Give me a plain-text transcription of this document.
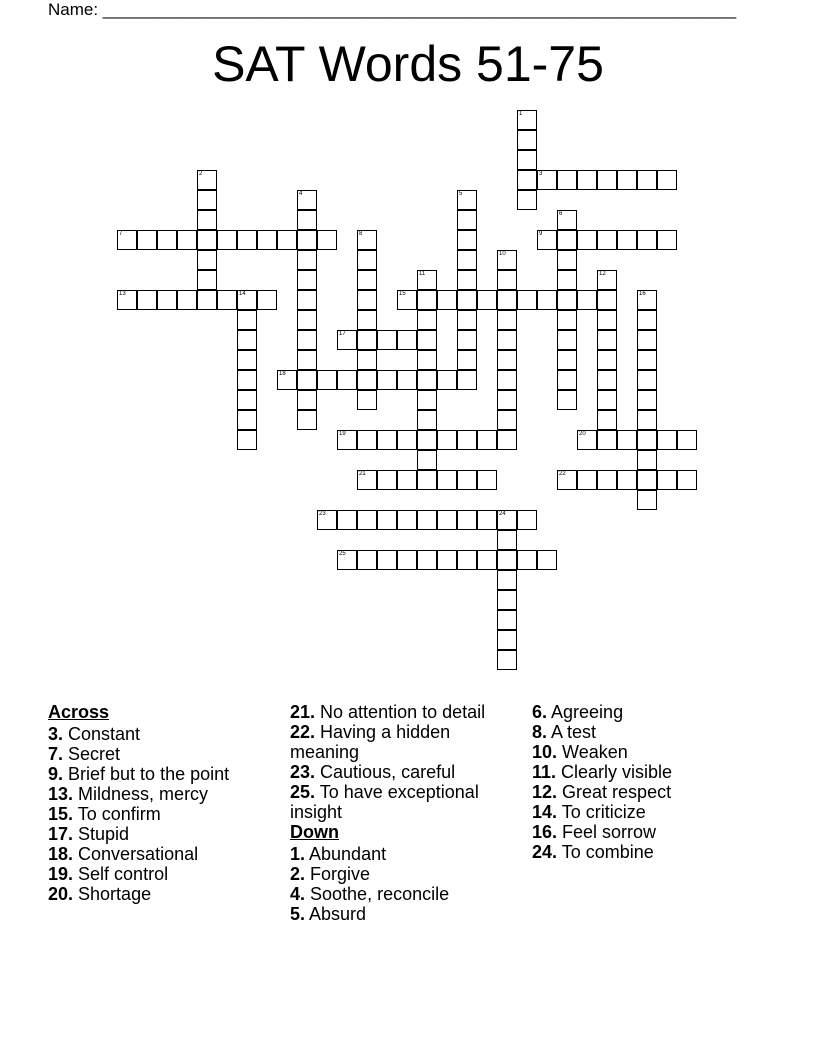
Name: ___________________________________________________________________
SAT Words 51-75
1
2	3
4	5
6
7	8	9
10
11	12
13	14	15	16
17
18
19	20
21	22
23	24
25
Across
3. Constant
7. Secret
9. Brief but to the point
13. Mildness, mercy
15. To confirm
17. Stupid
18. Conversational
19. Self control
20. Shortage
21. No attention to detail
22. Having a hidden meaning
23. Cautious, careful
25. To have exceptional insight
Down
1. Abundant
2. Forgive
4. Soothe, reconcile
5. Absurd
6. Agreeing
8. A test
10. Weaken
11. Clearly visible
12. Great respect
14. To criticize
16. Feel sorrow
24. To combine
